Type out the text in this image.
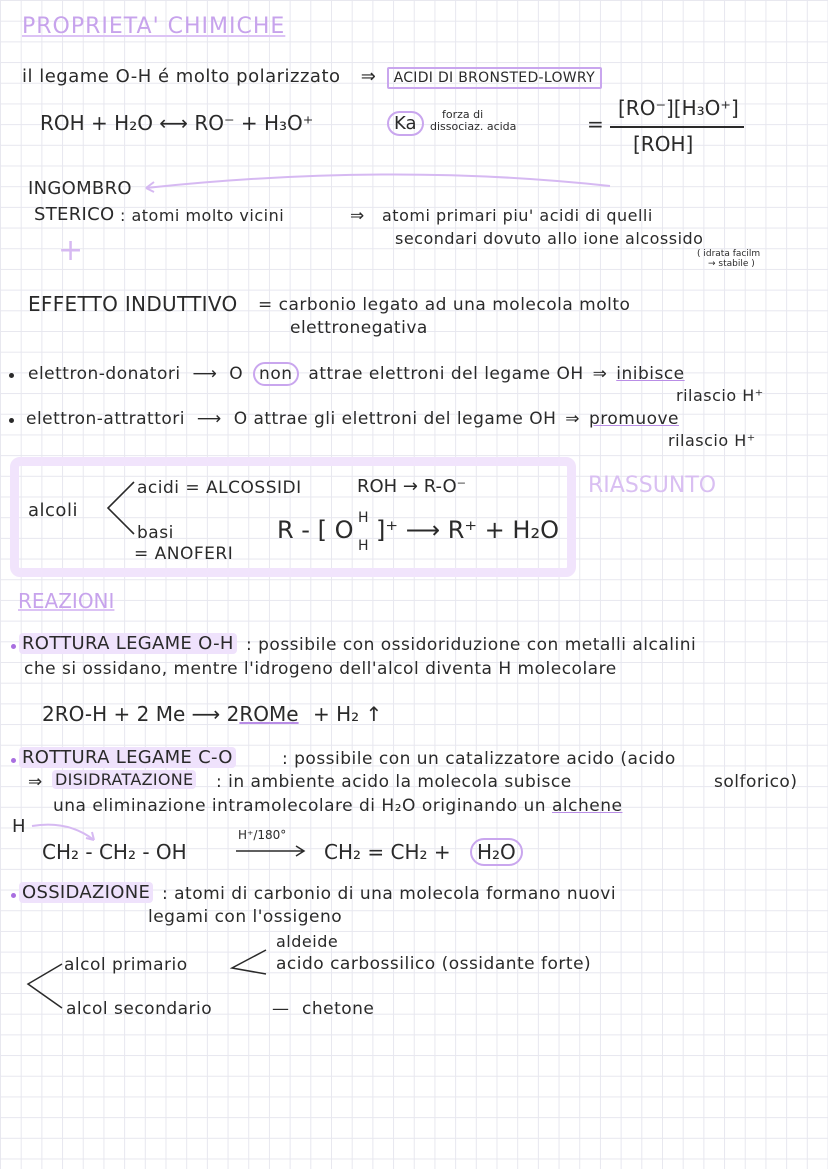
PROPRIETA' CHIMICHE
il legame O-H é molto polarizzato ⇒ ACIDI DI BRONSTED-LOWRY
ROH + H₂O ⟷ RO⁻ + H₃O⁺	Ka	forza di
dissociaz. acida	=
[RO⁻][H₃O⁺]
[ROH]
INGOMBRO
STERICO : atomi molto vicini	⇒ atomi primari piu' acidi di quelli
secondari dovuto allo ione alcossido
( idrata facilm
→ stabile )
+
EFFETTO INDUTTIVO = carbonio legato ad una molecola molto
elettronegativa
elettron-donatori ⟶ O non attrae elettroni del legame OH ⇒ inibisce
rilascio H⁺
elettron-attrattori ⟶ O attrae gli elettroni del legame OH ⇒ promuove
rilascio H⁺
RIASSUNTO
alcoli
acidi = ALCOSSIDI	ROH → R-O⁻
basi
= ANOFERI
R - [ O H
H
]⁺ ⟶ R⁺ + H₂O
REAZIONI
ROTTURA LEGAME O-H : possibile con ossidoriduzione con metalli alcalini
che si ossidano, mentre l'idrogeno dell'alcol diventa H molecolare
2RO-H + 2 Me ⟶ 2ROMe + H₂ ↑
ROTTURA LEGAME C-O	: possibile con un catalizzatore acido (acido
⇒ DISIDRATAZIONE : in ambiente acido la molecola subisce	solforico)
una eliminazione intramolecolare di H₂O originando un alchene
H
CH₂ - CH₂ - OH
H⁺/180°
CH₂ = CH₂ +	H₂O
OSSIDAZIONE : atomi di carbonio di una molecola formano nuovi
legami con l'ossigeno
alcol primario
aldeide
acido carbossilico (ossidante forte)
alcol secondario	— chetone
